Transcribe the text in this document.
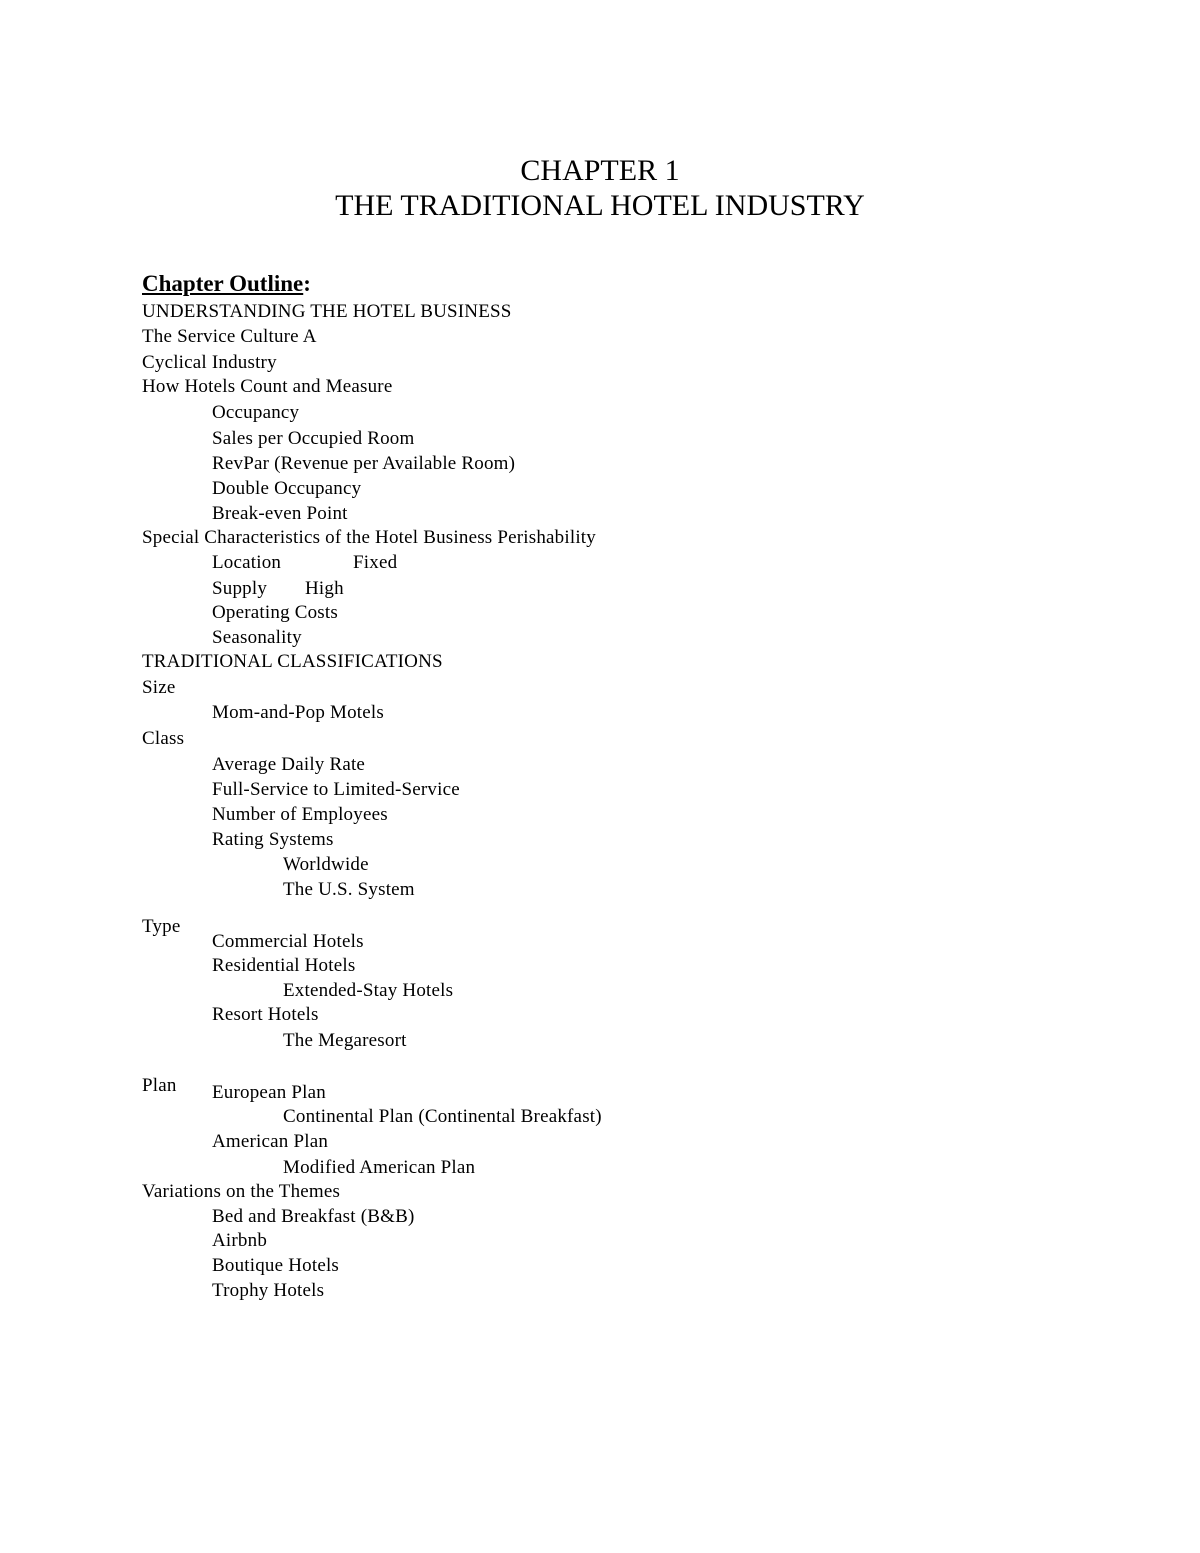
CHAPTER 1
THE TRADITIONAL HOTEL INDUSTRY
Chapter Outline:
UNDERSTANDING THE HOTEL BUSINESS
The Service Culture A
Cyclical Industry
How Hotels Count and Measure
Occupancy
Sales per Occupied Room
RevPar (Revenue per Available Room)
Double Occupancy
Break-even Point
Special Characteristics of the Hotel Business Perishability
Location	Fixed
Supply High
Operating Costs
Seasonality
TRADITIONAL CLASSIFICATIONS
Size
Mom-and-Pop Motels
Class
Average Daily Rate
Full-Service to Limited-Service
Number of Employees
Rating Systems
Worldwide
The U.S. System
Type
Commercial Hotels
Residential Hotels
Extended-Stay Hotels
Resort Hotels
The Megaresort
Plan European Plan
Continental Plan (Continental Breakfast)
American Plan
Modified American Plan
Variations on the Themes
Bed and Breakfast (B&B)
Airbnb
Boutique Hotels
Trophy Hotels
